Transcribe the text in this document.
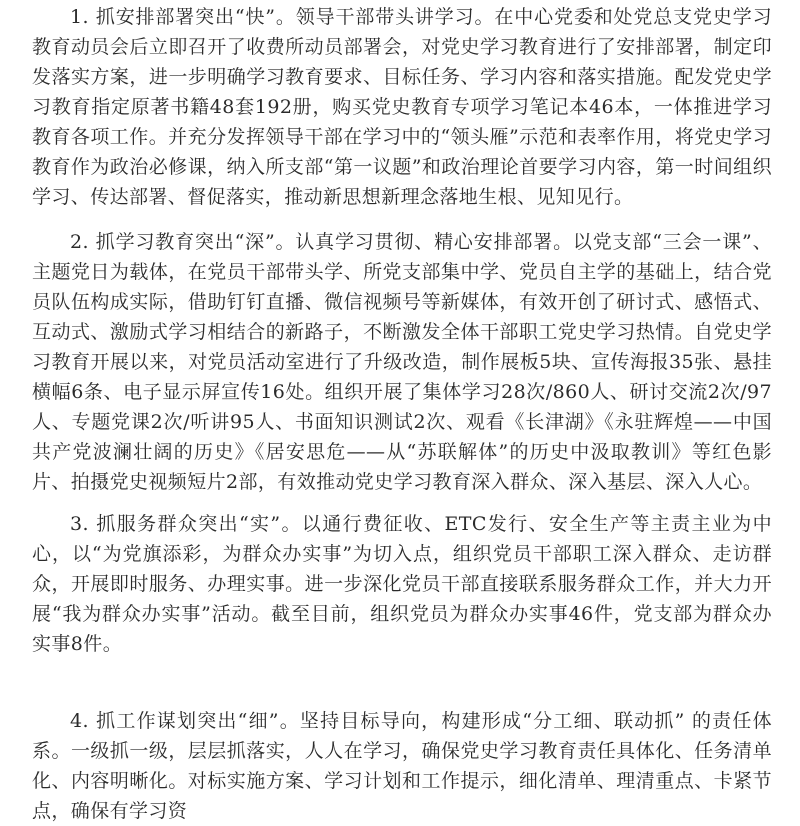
1. 抓安排部署突出“快”。领导干部带头讲学习。在中心党委和处党总支党史学习教育动员会后立即召开了收费所动员部署会，对党史学习教育进行了安排部署，制定印发落实方案，进一步明确学习教育要求、目标任务、学习内容和落实措施。配发党史学习教育指定原著书籍48套192册，购买党史教育专项学习笔记本46本，一体推进学习教育各项工作。并充分发挥领导干部在学习中的“领头雁”示范和表率作用，将党史学习教育作为政治必修课，纳入所支部“第一议题”和政治理论首要学习内容，第一时间组织学习、传达部署、督促落实，推动新思想新理念落地生根、见知见行。

2. 抓学习教育突出“深”。认真学习贯彻、精心安排部署。以党支部“三会一课”、主题党日为载体，在党员干部带头学、所党支部集中学、党员自主学的基础上，结合党员队伍构成实际，借助钉钉直播、微信视频号等新媒体，有效开创了研讨式、感悟式、互动式、激励式学习相结合的新路子，不断激发全体干部职工党史学习热情。自党史学习教育开展以来，对党员活动室进行了升级改造，制作展板5块、宣传海报35张、悬挂横幅6条、电子显示屏宣传16处。组织开展了集体学习28次/860人、研讨交流2次/97人、专题党课2次/听讲95人、书面知识测试2次、观看《长津湖》《永驻辉煌——中国共产党波澜壮阔的历史》《居安思危——从“苏联解体”的历史中汲取教训》等红色影片、拍摄党史视频短片2部，有效推动党史学习教育深入群众、深入基层、深入人心。

3. 抓服务群众突出“实”。以通行费征收、ETC发行、安全生产等主责主业为中心，以“为党旗添彩，为群众办实事”为切入点，组织党员干部职工深入群众、走访群众，开展即时服务、办理实事。进一步深化党员干部直接联系服务群众工作，并大力开展“我为群众办实事”活动。截至目前，组织党员为群众办实事46件，党支部为群众办实事8件。

4. 抓工作谋划突出“细”。坚持目标导向，构建形成“分工细、联动抓” 的责任体系。一级抓一级，层层抓落实，人人在学习，确保党史学习教育责任具体化、任务清单化、内容明晰化。对标实施方案、学习计划和工作提示，细化清单、理清重点、卡紧节点，确保有学习资
